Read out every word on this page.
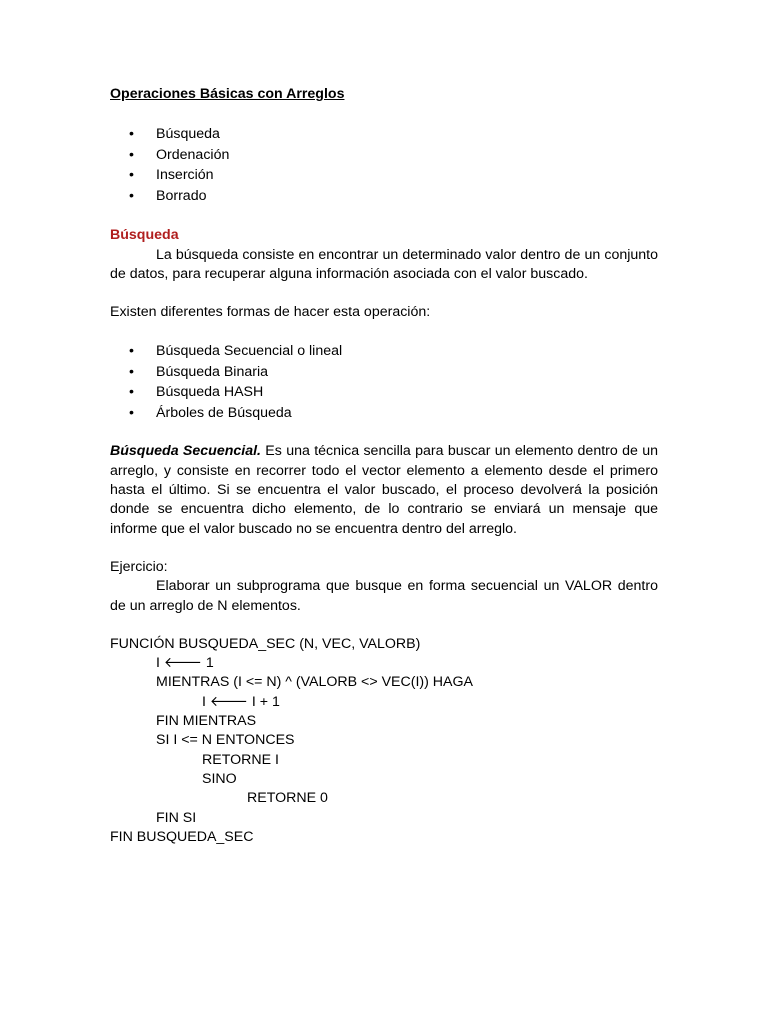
Operaciones Básicas con Arreglos
• Búsqueda
• Ordenación
• Inserción
• Borrado
Búsqueda

La búsqueda consiste en encontrar un determinado valor dentro de un conjunto de datos, para recuperar alguna información asociada con el valor buscado.

Existen diferentes formas de hacer esta operación:

• Búsqueda Secuencial o lineal
• Búsqueda Binaria
• Búsqueda HASH
• Árboles de Búsqueda

Búsqueda Secuencial. Es una técnica sencilla para buscar un elemento dentro de un arreglo, y consiste en recorrer todo el vector elemento a elemento desde el primero hasta el último. Si se encuentra el valor buscado, el proceso devolverá la posición donde se encuentra dicho elemento, de lo contrario se enviará un mensaje que informe que el valor buscado no se encuentra dentro del arreglo.

Ejercicio:

Elaborar un subprograma que busque en forma secuencial un VALOR dentro de un arreglo de N elementos.

FUNCIÓN BUSQUEDA_SEC (N, VEC, VALORB)
I 🡐 1
MIENTRAS (I <= N) ^ (VALORB <> VEC(I)) HAGA
I 🡐 I + 1
FIN MIENTRAS
SI I <= N ENTONCES
RETORNE I
SINO
RETORNE 0
FIN SI
FIN BUSQUEDA_SEC
